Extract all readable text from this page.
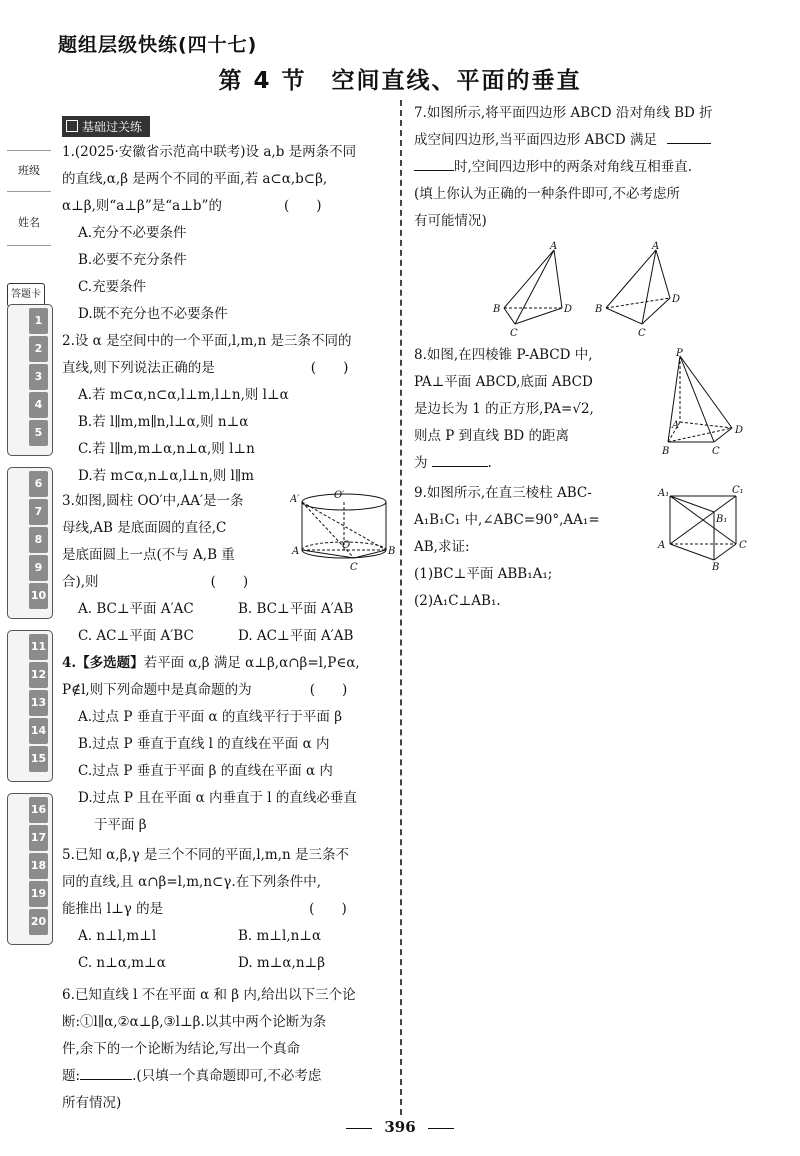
题组层级快练(四十七)
第 4 节　空间直线、平面的垂直
基础过关练
班级
姓名
答题卡
1
2
3
4
5
6
7
8
9
10
11
12
13
14
15
16
17
18
19
20

1.(2025·安徽省示范高中联考)设 a,b 是两条不同

的直线,α,β 是两个不同的平面,若 a⊂α,b⊂β,

α⊥β,则“a⊥β”是“a⊥b”的	(　　)

A.充分不必要条件

B.必要不充分条件

C.充要条件

D.既不充分也不必要条件

2.设 α 是空间中的一个平面,l,m,n 是三条不同的

直线,则下列说法正确的是	(　　)

A.若 m⊂α,n⊂α,l⊥m,l⊥n,则 l⊥α

B.若 l∥m,m∥n,l⊥α,则 n⊥α

C.若 l∥m,m⊥α,n⊥α,则 l⊥n

D.若 m⊂α,n⊥α,l⊥n,则 l∥m

3.如图,圆柱 OO′中,AA′是一条

母线,AB 是底面圆的直径,C

是底面圆上一点(不与 A,B 重

合),则	(　　)

A. BC⊥平面 A′AC	B. BC⊥平面 A′AB

C. AC⊥平面 A′BC	D. AC⊥平面 A′AB

A′	O′
O
A	B
C

4.【多选题】若平面 α,β 满足 α⊥β,α∩β=l,P∈α,

P∉l,则下列命题中是真命题的为	(　　)

A.过点 P 垂直于平面 α 的直线平行于平面 β

B.过点 P 垂直于直线 l 的直线在平面 α 内

C.过点 P 垂直于平面 β 的直线在平面 α 内

D.过点 P 且在平面 α 内垂直于 l 的直线必垂直

于平面 β

5.已知 α,β,γ 是三个不同的平面,l,m,n 是三条不

同的直线,且 α∩β=l,m,n⊂γ.在下列条件中,

能推出 l⊥γ 的是	(　　)

A. n⊥l,m⊥l	B. m⊥l,n⊥α

C. n⊥α,m⊥α	D. m⊥α,n⊥β

6.已知直线 l 不在平面 α 和 β 内,给出以下三个论

断:①l∥α,②α⊥β,③l⊥β.以其中两个论断为条

件,余下的一个论断为结论,写出一个真命

题:	.(只填一个真命题即可,不必考虑

所有情况)

7.如图所示,将平面四边形 ABCD 沿对角线 BD 折

成空间四边形,当平面四边形 ABCD 满足

时,空间四边形中的两条对角线互相垂直.

(填上你认为正确的一种条件即可,不必考虑所

有可能情况)

A
B
C
D
A
B
C
D

8.如图,在四棱锥 P-ABCD 中,

PA⊥平面 ABCD,底面 ABCD

是边长为 1 的正方形,PA=√2,

则点 P 到直线 BD 的距离

为	.

P
A
B	C
D

9.如图所示,在直三棱柱 ABC-

A₁B₁C₁ 中,∠ABC=90°,AA₁=

AB,求证:

(1)BC⊥平面 ABB₁A₁;

(2)A₁C⊥AB₁.

A₁	C₁
B₁
A	C
B
396
